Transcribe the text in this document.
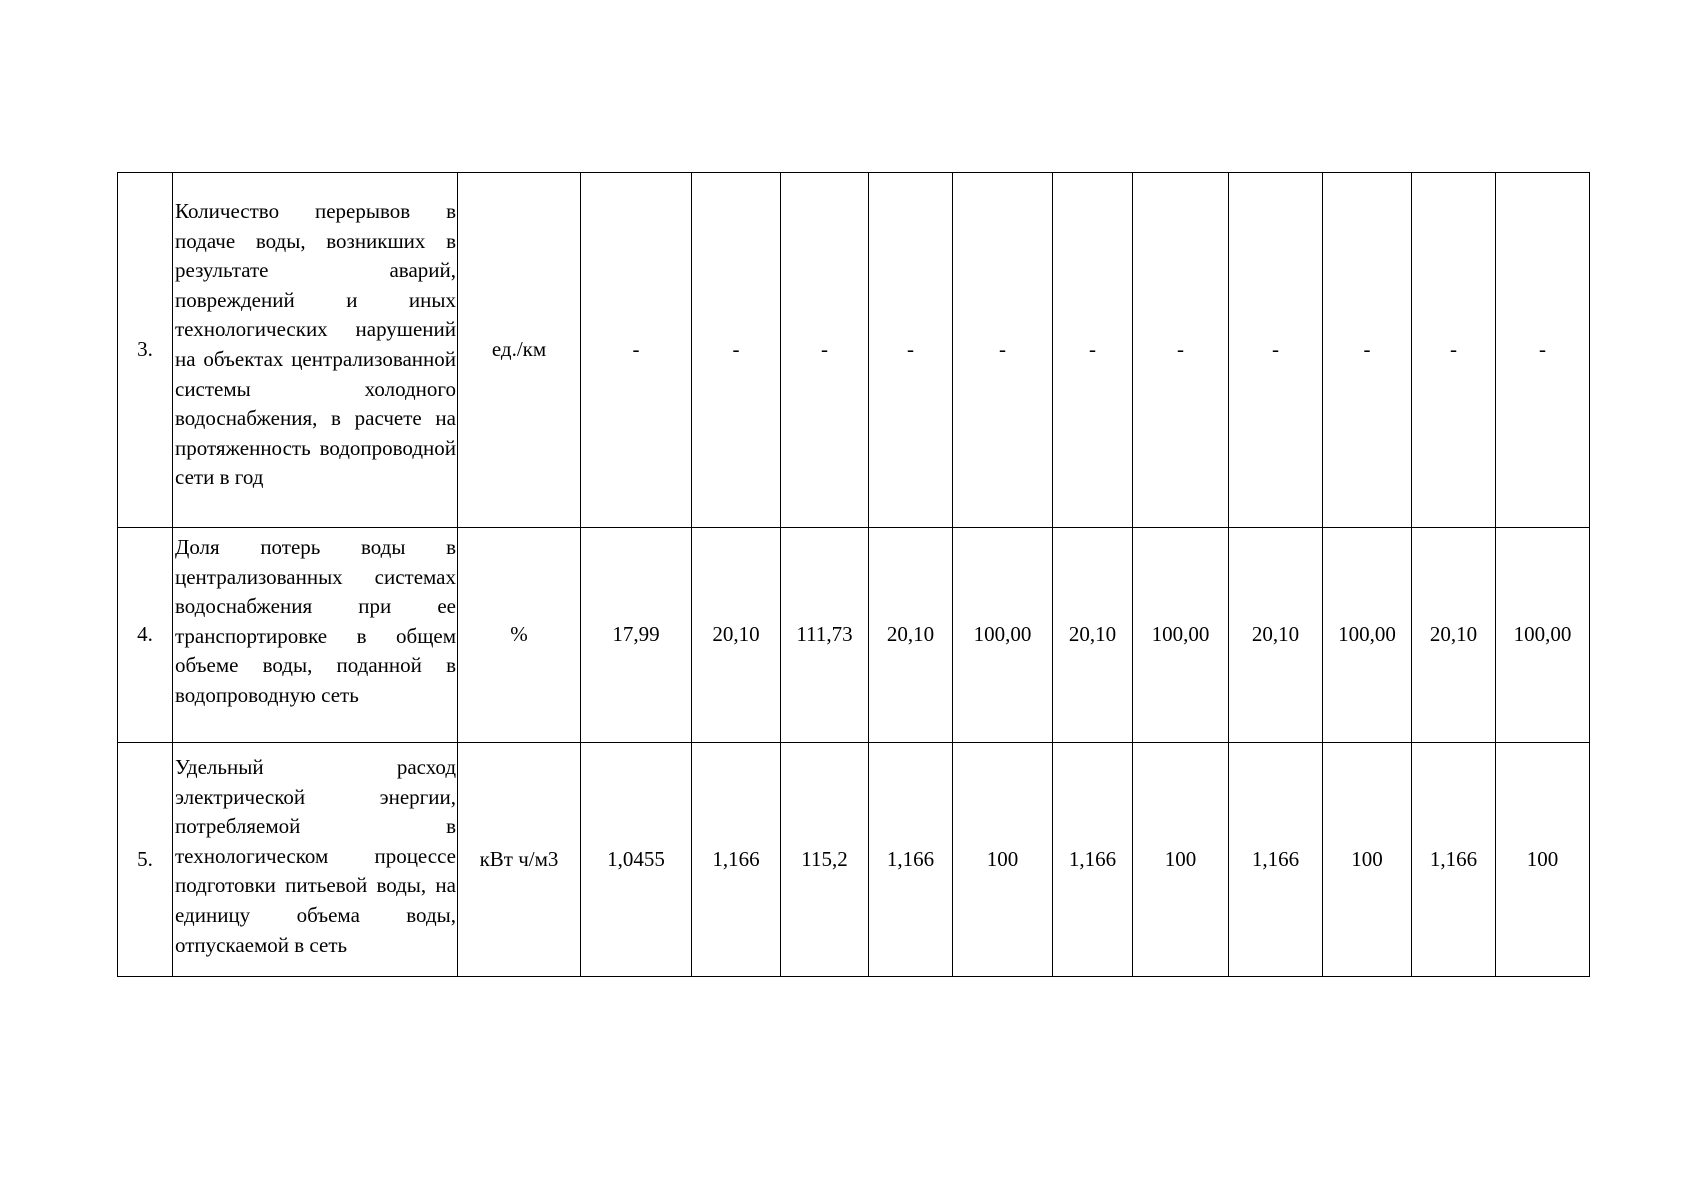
3.	Количество перерывов в подаче воды, возникших в результате аварий, повреждений и иных технологических нарушений на объектах централизованной системы холодного водоснабжения, в расчете на протяженность водопроводной сети в год	ед./км	-	-	-	-	-	-	-	-	-	-	-
4.	Доля потерь воды в централизованных системах водоснабжения при ее транспортировке в общем объеме воды, поданной в водопроводную сеть	%	17,99	20,10	111,73	20,10	100,00	20,10	100,00	20,10	100,00	20,10	100,00
5.	Удельный расход электрической энергии, потребляемой в технологическом процессе подготовки питьевой воды, на единицу объема воды, отпускаемой в сеть	кВт ч/м3	1,0455	1,166	115,2	1,166	100	1,166	100	1,166	100	1,166	100
